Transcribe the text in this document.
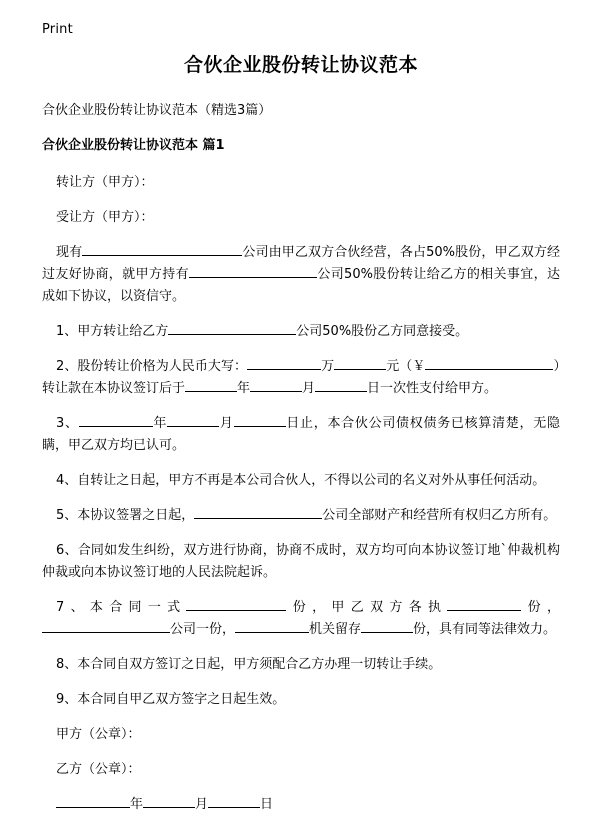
Print
合伙企业股份转让协议范本

合伙企业股份转让协议范本（精选3篇）

合伙企业股份转让协议范本 篇1

转让方（甲方）：

受让方（甲方）：

现有	公司由甲乙双方合伙经营，各占50%股份，甲乙双方经过友好协商，就甲方持有	公司50%股份转让给乙方的相关事宜，达成如下协议，以资信守。

1、甲方转让给乙方	公司50%股份乙方同意接受。

2、股份转让价格为人民币大写：	万	元（￥	）转让款在本协议签订后于	年	月	日一次性支付给甲方。

3、	年	月	日止，本合伙公司债权债务已核算清楚，无隐瞒，甲乙双方均已认可。

4、自转让之日起，甲方不再是本公司合伙人，不得以公司的名义对外从事任何活动。

5、本协议签署之日起，	公司全部财产和经营所有权归乙方所有。

6、合同如发生纠纷，双方进行协商，协商不成时，双方均可向本协议签订地`仲裁机构仲裁或向本协议签订地的人民法院起诉。

7、本合同一式	份，甲乙双方各执	份，公司一份，	机关留存	份，具有同等法律效力。

8、本合同自双方签订之日起，甲方须配合乙方办理一切转让手续。

9、本合同自甲乙双方签字之日起生效。

甲方（公章）：

乙方（公章）：

年	月	日
